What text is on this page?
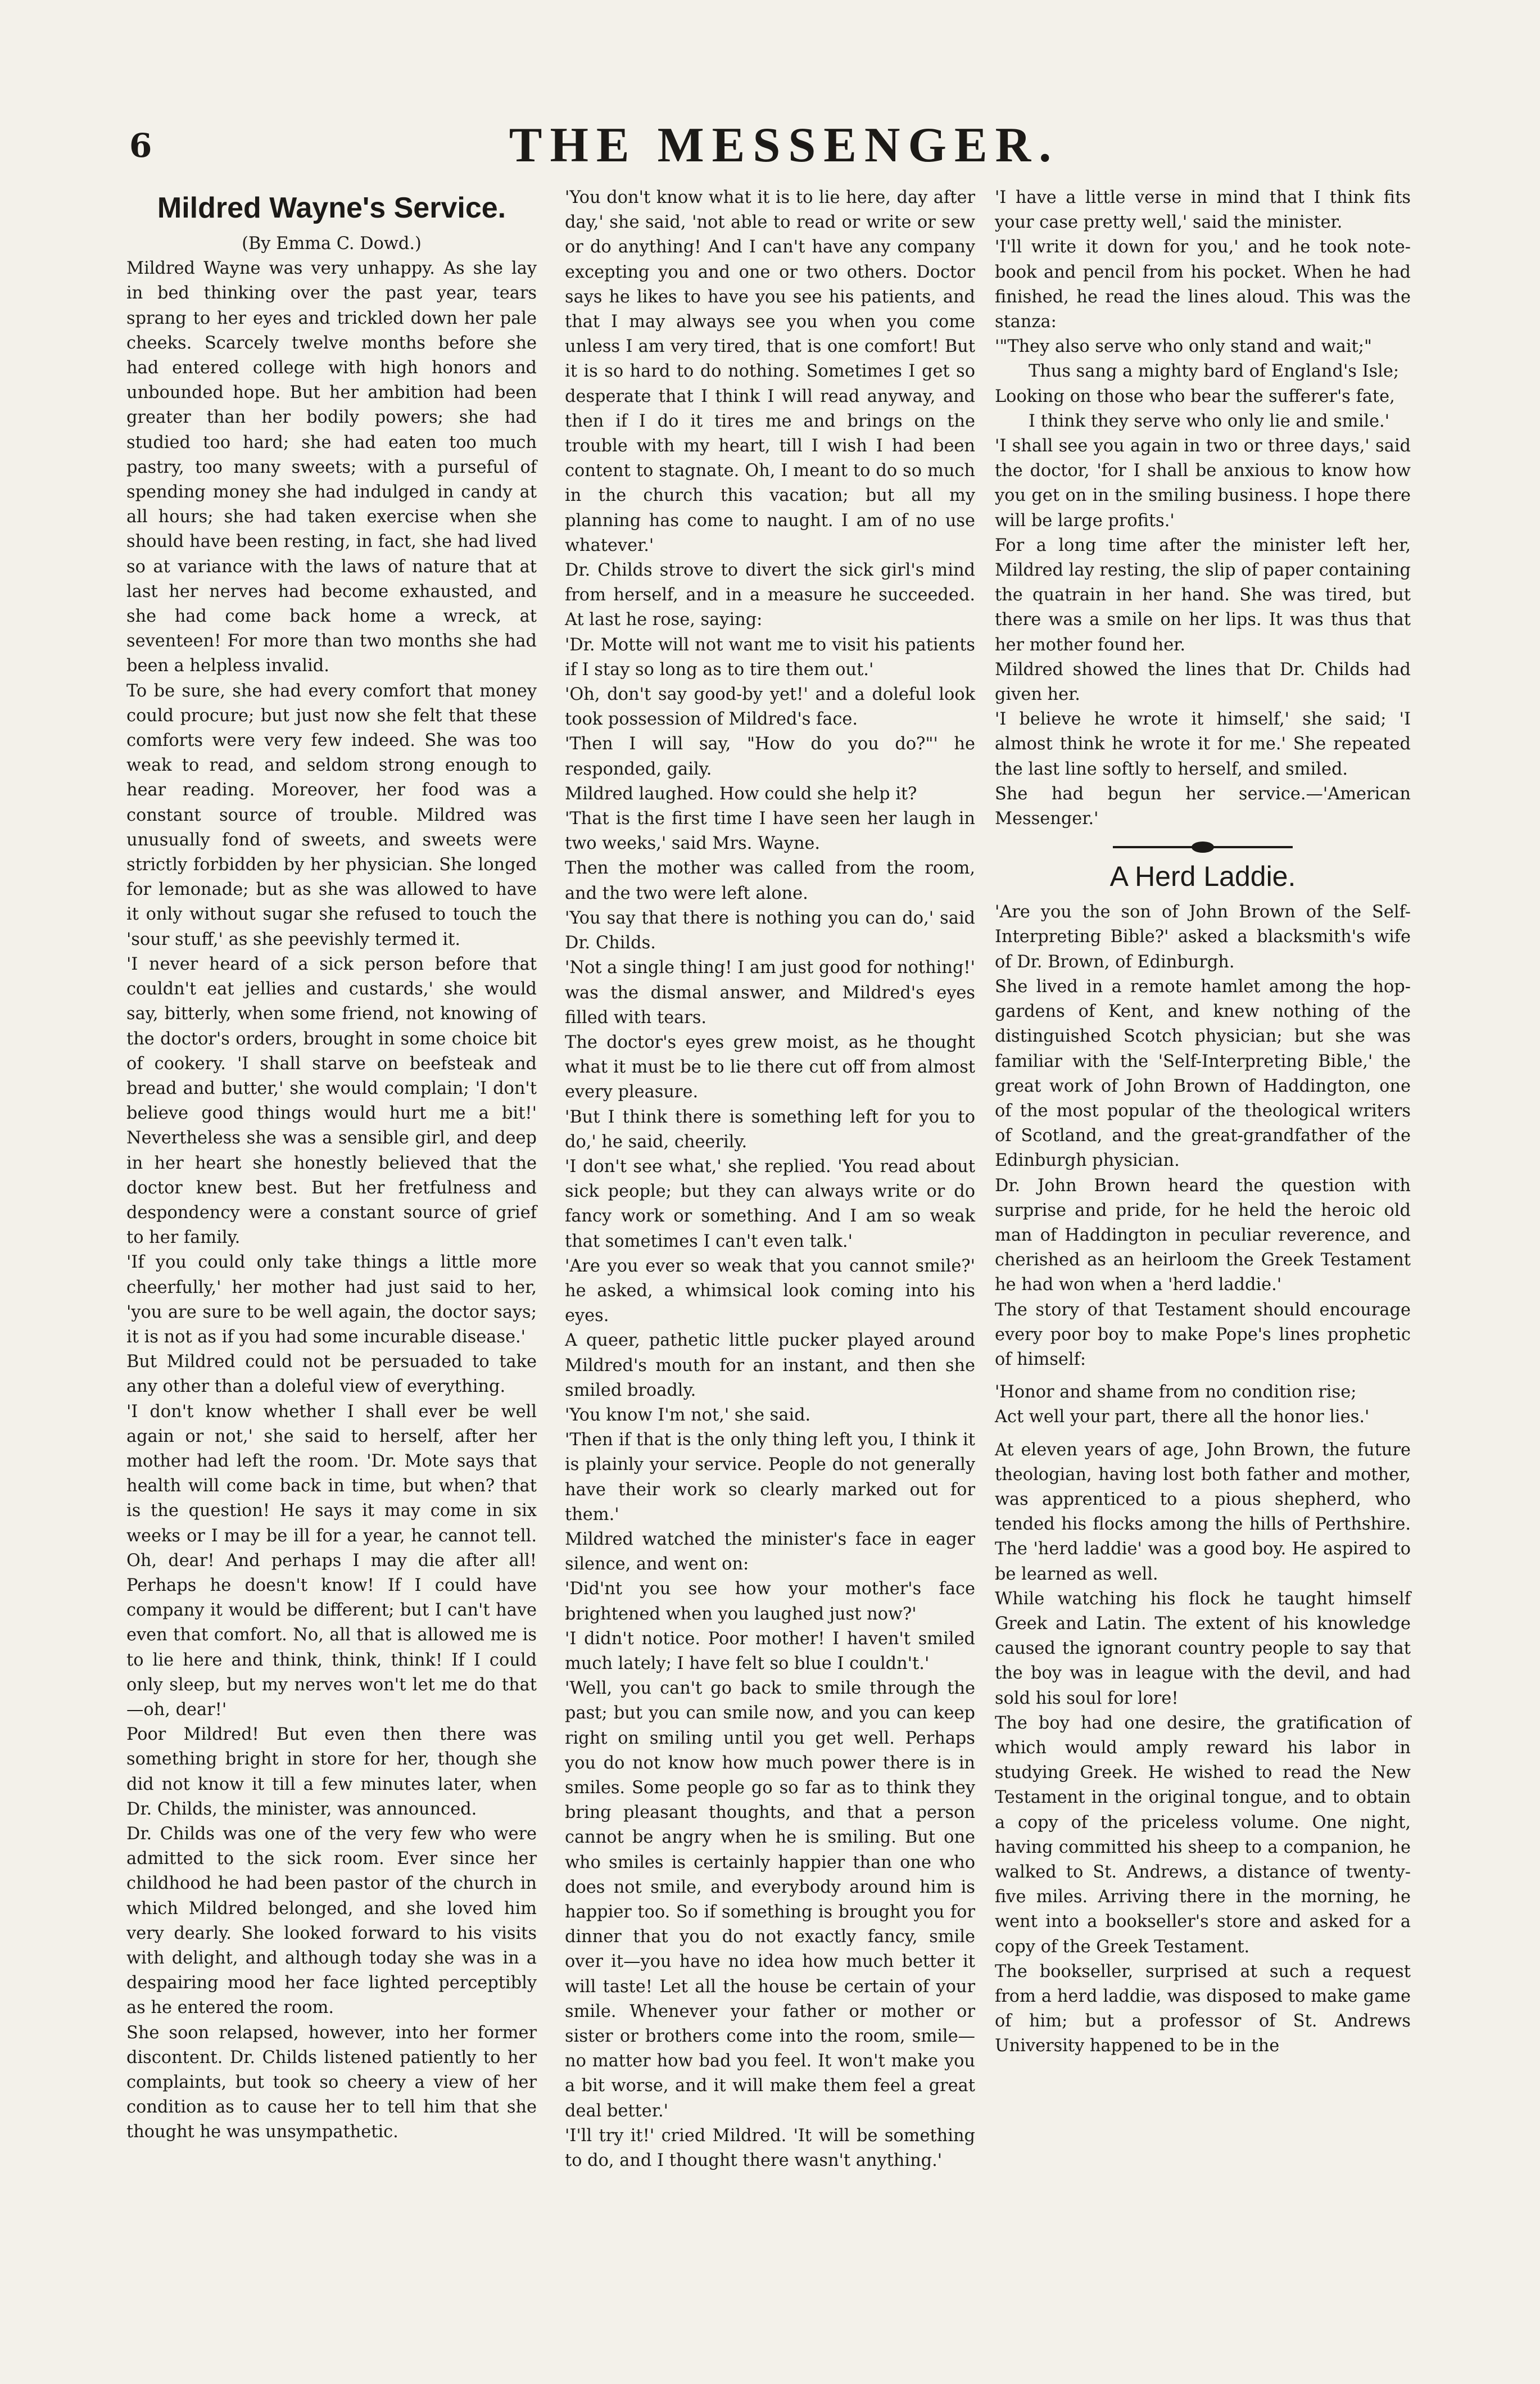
6	THE MESSENGER.
Mildred Wayne's Service.

(By Emma C. Dowd.)

Mildred Wayne was very unhappy. As she lay in bed thinking over the past year, tears sprang to her eyes and trickled down her pale cheeks. Scarcely twelve months before she had entered college with high honors and unbounded hope. But her ambition had been greater than her bodily powers; she had studied too hard; she had eaten too much pastry, too many sweets; with a purseful of spending money she had indulged in candy at all hours; she had taken exercise when she should have been resting, in fact, she had lived so at variance with the laws of nature that at last her nerves had become exhausted, and she had come back home a wreck, at seventeen! For more than two months she had been a helpless invalid.

To be sure, she had every comfort that money could procure; but just now she felt that these comforts were very few indeed. She was too weak to read, and seldom strong enough to hear reading. Moreover, her food was a constant source of trouble. Mildred was unusually fond of sweets, and sweets were strictly forbidden by her physician. She longed for lemonade; but as she was allowed to have it only without sugar she refused to touch the 'sour stuff,' as she peevishly termed it.

'I never heard of a sick person before that couldn't eat jellies and custards,' she would say, bitterly, when some friend, not knowing of the doctor's orders, brought in some choice bit of cookery. 'I shall starve on beefsteak and bread and butter,' she would complain; 'I don't believe good things would hurt me a bit!' Nevertheless she was a sensible girl, and deep in her heart she honestly believed that the doctor knew best. But her fretfulness and despondency were a constant source of grief to her family.

'If you could only take things a little more cheerfully,' her mother had just said to her, 'you are sure to be well again, the doctor says; it is not as if you had some incurable disease.'

But Mildred could not be persuaded to take any other than a doleful view of everything.

'I don't know whether I shall ever be well again or not,' she said to herself, after her mother had left the room. 'Dr. Mote says that health will come back in time, but when? that is the question! He says it may come in six weeks or I may be ill for a year, he cannot tell. Oh, dear! And perhaps I may die after all! Perhaps he doesn't know! If I could have company it would be different; but I can't have even that comfort. No, all that is allowed me is to lie here and think, think, think! If I could only sleep, but my nerves won't let me do that—oh, dear!'

Poor Mildred! But even then there was something bright in store for her, though she did not know it till a few minutes later, when Dr. Childs, the minister, was announced.

Dr. Childs was one of the very few who were admitted to the sick room. Ever since her childhood he had been pastor of the church in which Mildred belonged, and she loved him very dearly. She looked forward to his visits with delight, and although today she was in a despairing mood her face lighted perceptibly as he entered the room.

She soon relapsed, however, into her former discontent. Dr. Childs listened patiently to her complaints, but took so cheery a view of her condition as to cause her to tell him that she thought he was unsympathetic.

'You don't know what it is to lie here, day after day,' she said, 'not able to read or write or sew or do anything! And I can't have any company excepting you and one or two others. Doctor says he likes to have you see his patients, and that I may always see you when you come unless I am very tired, that is one comfort! But it is so hard to do nothing. Sometimes I get so desperate that I think I will read anyway, and then if I do it tires me and brings on the trouble with my heart, till I wish I had been content to stagnate. Oh, I meant to do so much in the church this vacation; but all my planning has come to naught. I am of no use whatever.'

Dr. Childs strove to divert the sick girl's mind from herself, and in a measure he succeeded. At last he rose, saying:

'Dr. Motte will not want me to visit his patients if I stay so long as to tire them out.'

'Oh, don't say good-by yet!' and a doleful look took possession of Mildred's face.

'Then I will say, "How do you do?"' he responded, gaily.

Mildred laughed. How could she help it?

'That is the first time I have seen her laugh in two weeks,' said Mrs. Wayne.

Then the mother was called from the room, and the two were left alone.

'You say that there is nothing you can do,' said Dr. Childs.

'Not a single thing! I am just good for nothing!' was the dismal answer, and Mildred's eyes filled with tears.

The doctor's eyes grew moist, as he thought what it must be to lie there cut off from almost every pleasure.

'But I think there is something left for you to do,' he said, cheerily.

'I don't see what,' she replied. 'You read about sick people; but they can always write or do fancy work or something. And I am so weak that sometimes I can't even talk.'

'Are you ever so weak that you cannot smile?' he asked, a whimsical look coming into his eyes.

A queer, pathetic little pucker played around Mildred's mouth for an instant, and then she smiled broadly.

'You know I'm not,' she said.

'Then if that is the only thing left you, I think it is plainly your service. People do not generally have their work so clearly marked out for them.'

Mildred watched the minister's face in eager silence, and went on:

'Did'nt you see how your mother's face brightened when you laughed just now?'

'I didn't notice. Poor mother! I haven't smiled much lately; I have felt so blue I couldn't.'

'Well, you can't go back to smile through the past; but you can smile now, and you can keep right on smiling until you get well. Perhaps you do not know how much power there is in smiles. Some people go so far as to think they bring pleasant thoughts, and that a person cannot be angry when he is smiling. But one who smiles is certainly happier than one who does not smile, and everybody around him is happier too. So if something is brought you for dinner that you do not exactly fancy, smile over it—you have no idea how much better it will taste! Let all the house be certain of your smile. Whenever your father or mother or sister or brothers come into the room, smile—no matter how bad you feel. It won't make you a bit worse, and it will make them feel a great deal better.'

'I'll try it!' cried Mildred. 'It will be something to do, and I thought there wasn't anything.'

'I have a little verse in mind that I think fits your case pretty well,' said the minister.

'I'll write it down for you,' and he took note-book and pencil from his pocket. When he had finished, he read the lines aloud. This was the stanza:

'"They also serve who only stand and wait;"

Thus sang a mighty bard of England's Isle;

Looking on those who bear the sufferer's fate,

I think they serve who only lie and smile.'

'I shall see you again in two or three days,' said the doctor, 'for I shall be anxious to know how you get on in the smiling business. I hope there will be large profits.'

For a long time after the minister left her, Mildred lay resting, the slip of paper containing the quatrain in her hand. She was tired, but there was a smile on her lips. It was thus that her mother found her.

Mildred showed the lines that Dr. Childs had given her.

'I believe he wrote it himself,' she said; 'I almost think he wrote it for me.' She repeated the last line softly to herself, and smiled.

She had begun her service.—'American Messenger.'

A Herd Laddie.

'Are you the son of John Brown of the Self-Interpreting Bible?' asked a blacksmith's wife of Dr. Brown, of Edinburgh.

She lived in a remote hamlet among the hop-gardens of Kent, and knew nothing of the distinguished Scotch physician; but she was familiar with the 'Self-Interpreting Bible,' the great work of John Brown of Haddington, one of the most popular of the theological writers of Scotland, and the great-grandfather of the Edinburgh physician.

Dr. John Brown heard the question with surprise and pride, for he held the heroic old man of Haddington in peculiar reverence, and cherished as an heirloom the Greek Testament he had won when a 'herd laddie.'

The story of that Testament should encourage every poor boy to make Pope's lines prophetic of himself:

'Honor and shame from no condition rise;

Act well your part, there all the honor lies.'

At eleven years of age, John Brown, the future theologian, having lost both father and mother, was apprenticed to a pious shepherd, who tended his flocks among the hills of Perthshire. The 'herd laddie' was a good boy. He aspired to be learned as well.

While watching his flock he taught himself Greek and Latin. The extent of his knowledge caused the ignorant country people to say that the boy was in league with the devil, and had sold his soul for lore!

The boy had one desire, the gratification of which would amply reward his labor in studying Greek. He wished to read the New Testament in the original tongue, and to obtain a copy of the priceless volume. One night, having committed his sheep to a companion, he walked to St. Andrews, a distance of twenty-five miles. Arriving there in the morning, he went into a bookseller's store and asked for a copy of the Greek Testament.

The bookseller, surprised at such a request from a herd laddie, was disposed to make game of him; but a professor of St. Andrews University happened to be in the
